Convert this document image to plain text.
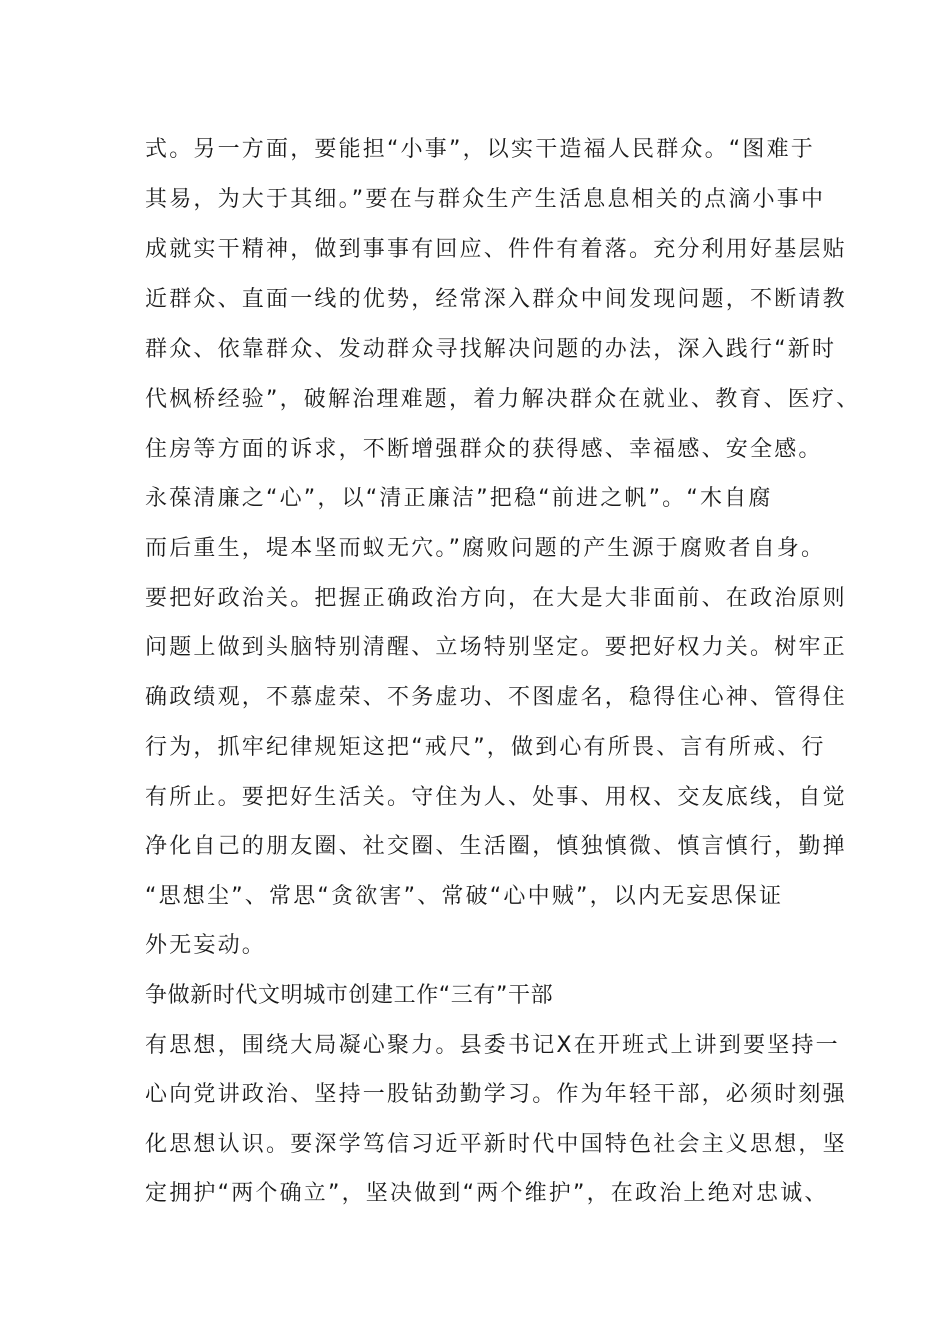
式。另一方面，要能担“小事”，以实干造福人民群众。“图难于
其易，为大于其细。”要在与群众生产生活息息相关的点滴小事中
成就实干精神，做到事事有回应、件件有着落。充分利用好基层贴
近群众、直面一线的优势，经常深入群众中间发现问题，不断请教
群众、依靠群众、发动群众寻找解决问题的办法，深入践行“新时
代枫桥经验”，破解治理难题，着力解决群众在就业、教育、医疗、
住房等方面的诉求，不断增强群众的获得感、幸福感、安全感。
永葆清廉之“心”，以“清正廉洁”把稳“前进之帆”。“木自腐
而后重生，堤本坚而蚁无穴。”腐败问题的产生源于腐败者自身。
要把好政治关。把握正确政治方向，在大是大非面前、在政治原则
问题上做到头脑特别清醒、立场特别坚定。要把好权力关。树牢正
确政绩观，不慕虚荣、不务虚功、不图虚名，稳得住心神、管得住
行为，抓牢纪律规矩这把“戒尺”，做到心有所畏、言有所戒、行
有所止。要把好生活关。守住为人、处事、用权、交友底线，自觉
净化自己的朋友圈、社交圈、生活圈，慎独慎微、慎言慎行，勤掸
“思想尘”、常思“贪欲害”、常破“心中贼”，以内无妄思保证
外无妄动。
争做新时代文明城市创建工作“三有”干部
有思想，围绕大局凝心聚力。县委书记X在开班式上讲到要坚持一
心向党讲政治、坚持一股钻劲勤学习。作为年轻干部，必须时刻强
化思想认识。要深学笃信习近平新时代中国特色社会主义思想，坚
定拥护“两个确立”，坚决做到“两个维护”，在政治上绝对忠诚、
